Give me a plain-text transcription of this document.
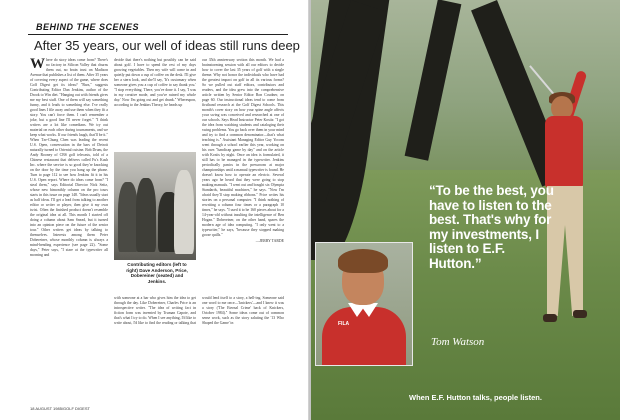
BEHIND THE SCENES
After 35 years, our well of ideas still runs deep
Where do story ideas come from? There's no factory in Silicon Valley that churns them out, no brain trust on Madison Avenue that publishes a list of them. After 35 years of covering every aspect of the game, where does Golf Digest get its ideas? "Bars," suggests Contributing Editor Dan Jenkins, author of the Drook to Win diet. "Hanging out with friends gives me my best stuff. One of them will say something funny, and it leads to something else. I've really good lines I file away and use them when they fit a story. You can't force them. I can't remember a joke, but a good line I'll never forget." "I think writers are a lot like comedians. We try out material on each other during tournaments, and we keep what works. If our friends laugh, that'll be it." When Tze-Chung Chen was leading the recent U.S. Open, conversation in the bars of Detroit naturally turned to Oriental cuisine. Bob Drum, the Andy Rooney of CBS golf telecasts, told of a Chinese restaurant that delivers called Fu's Kush Inc. where the service is so good they're knocking on the door by the time you hang up the phone. Turn to page 112 to see how Jenkins fit it in his U.S. Open report. Where do ideas come from? "I steal them," says Editorial Director Nick Seitz, whose new bimonthly column on the pro tours starts in this issue on page 148. "Ideas usually start as half ideas. I'll get a lead from talking to another editor or writer or player, then give it my own twist. Often the finished product doesn't resemble the original idea at all. This month I started off doing a column about Sam Snead, but it turned into an opinion piece on the future of the senior tour." Other writers get ideas by talking to themselves. Interests among them Peter Dobereiner, whose monthly column is always a mind-bending experience (see page 22). "Some days," Peter says, "I stare at the typewriter all morning and
decide that there's nothing but possibly can be said about golf. I have to spend the rest of my days growing vegetables. Then my wife will come in and quietly put down a cup of coffee on the desk. I'll give her a stern look, and she'll say, 'It's customary when someone gives you a cup of coffee to say thank you.' "I stop everything. There, you've done it. I say, 'I was in my creative mode, and you've ruined my whole day.' Now I'm going out and get drunk." Whereupon, according to the Jenkins Theory, he heads up
Contributing editors (left to right) Dave Anderson, Price, Dobereiner (seated) and Jenkins.
with someone at a bar who gives him the idea to get through the day. Like Dobereiner, Charles Price is an introspective writer. "The idea of writing fact in fiction form was invented by Truman Capote, and that's what I try to do. When I see anything, I'd like to write about, I'd like to find the reading or talking that would lend itself to a story, a hell-ing. Someone said one word to me once—'knickers'—and I knew it was a story ('The Eternal Crime' back of Knickers, October 1984)." Some ideas come out of common sense work, such as the story saluting the '13 Who Shaped the Game' in
our 35th anniversary section this month. We had a brainstorming session with all our editors to decide how to cover the last 35 years of golf with a single theme. Why not honor the individuals who have had the greatest impact on golf in all its various forms? So we pulled out staff editors, contributors and readers, and the idea grew into the comprehensive article written by Senior Editor Ron Coudner, on page 60. Our instructional ideas tend to come from firsthand research at the Golf Digest Schools. This month's cover story on how your spine angle affects your swing was conceived and researched at one of our schools. Says Head Instructor Peter Kostis: "I got the idea from watching students and cataloging their swing problems. You go back over them in your mind and try to find a common denominator—that's what teaching is." Assistant Managing Editor Guy Yocom went through a school earlier this year, working on his own "handicap game by day" and on the article with Kostis by night. Once an idea is formulated, it still has to be managed in the typewriter. Jenkins periodically panics in the pressroom at major championships until a manual typewriter is found. He doesn't know how to operate an electric. Several years ago he heard that they were going to stop making manuals. "I went out and bought six Olympia Standards, beautiful machines," he says. "Now I'm afraid they'll stop making ribbons." Price writes his stories on a personal computer. "I think nothing of rewriting a column four times or a paragraph 10 times," he says. "I used it to be 160 pieces about for a 14-year-old without insulting the intelligence of Ben Hogan." Dobereiner, on the other hand, spares the modern age of idea computing. "I only went to a typewriter," he says, "because they stopped making goose quills."
—JERRY TARDE
18 AUGUST 1985/GOLF DIGEST
FILA
“To be the best, you have to listen to the best. That's why for my investments, I listen to E.F. Hutton.”
Tom Watson
When E.F. Hutton talks, people listen.
